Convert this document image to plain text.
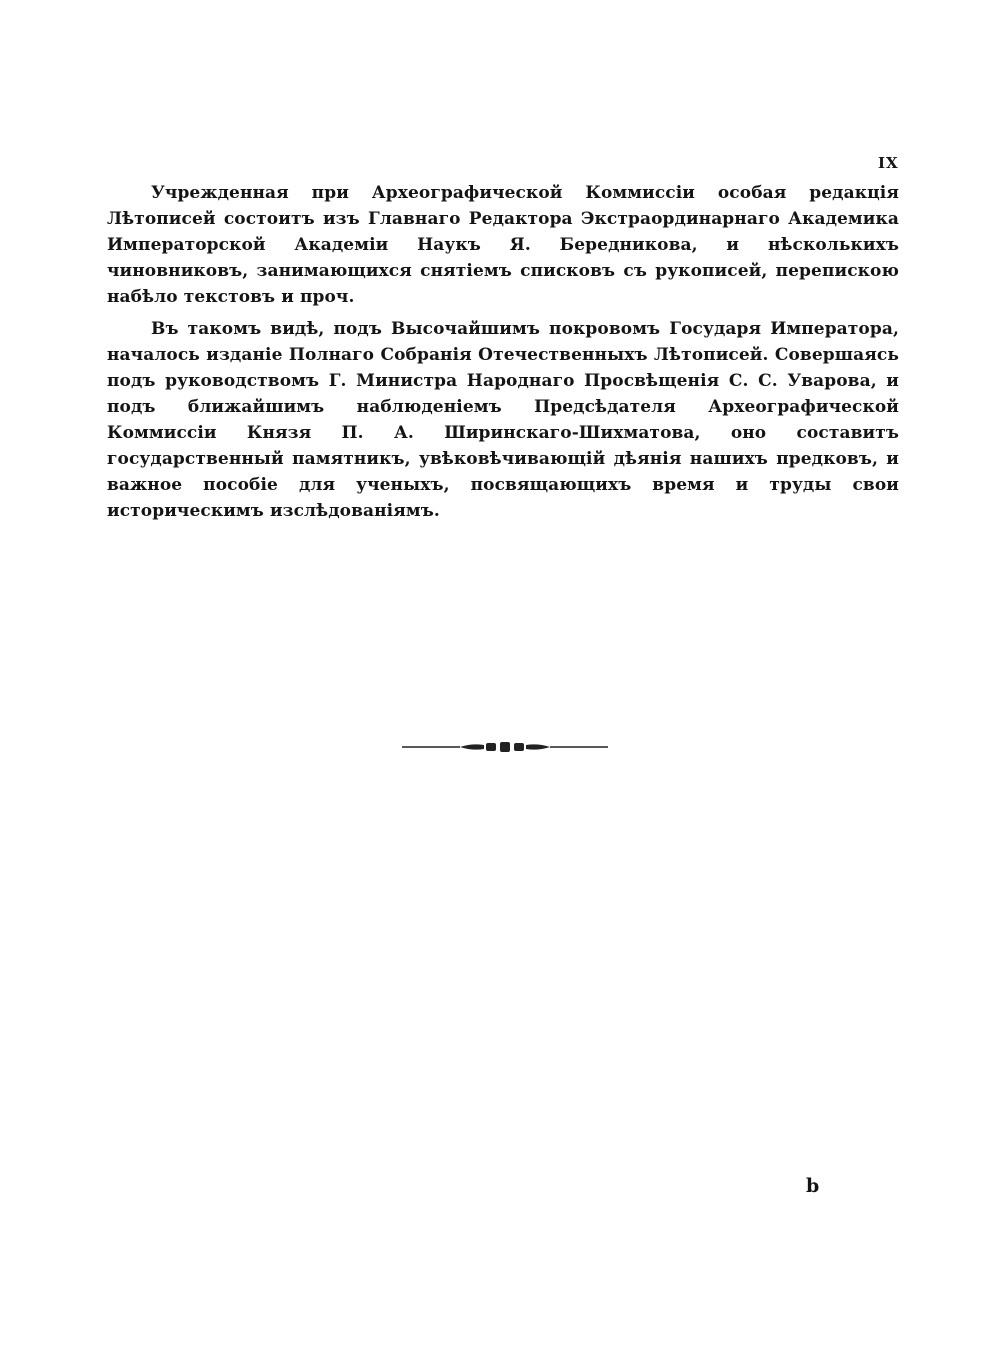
IX

Учрежденная при Археографической Коммиссіи особая редакція Лѣтописей состоитъ изъ Главнаго Редактора Экстраординарнаго Академика Императорской Академіи Наукъ Я. Бередникова, и нѣсколькихъ чиновниковъ, занимающихся снятіемъ списковъ съ рукописей, перепискою набѣло текстовъ и проч.

Въ такомъ видѣ, подъ Высочайшимъ покровомъ Государя Императора, началось изданіе Полнаго Собранія Отечественныхъ Лѣтописей. Совершаясь подъ руководствомъ Г. Министра Народнаго Просвѣщенія С. С. Уварова, и подъ ближайшимъ наблюденіемъ Предсѣдателя Археографической Коммиссіи Князя П. А. Ширинскаго-Шихматова, оно составитъ государственный памятникъ, увѣковѣчивающій дѣянія нашихъ предковъ, и важное пособіе для ученыхъ, посвящающихъ время и труды свои историческимъ изслѣдованіямъ.

b
